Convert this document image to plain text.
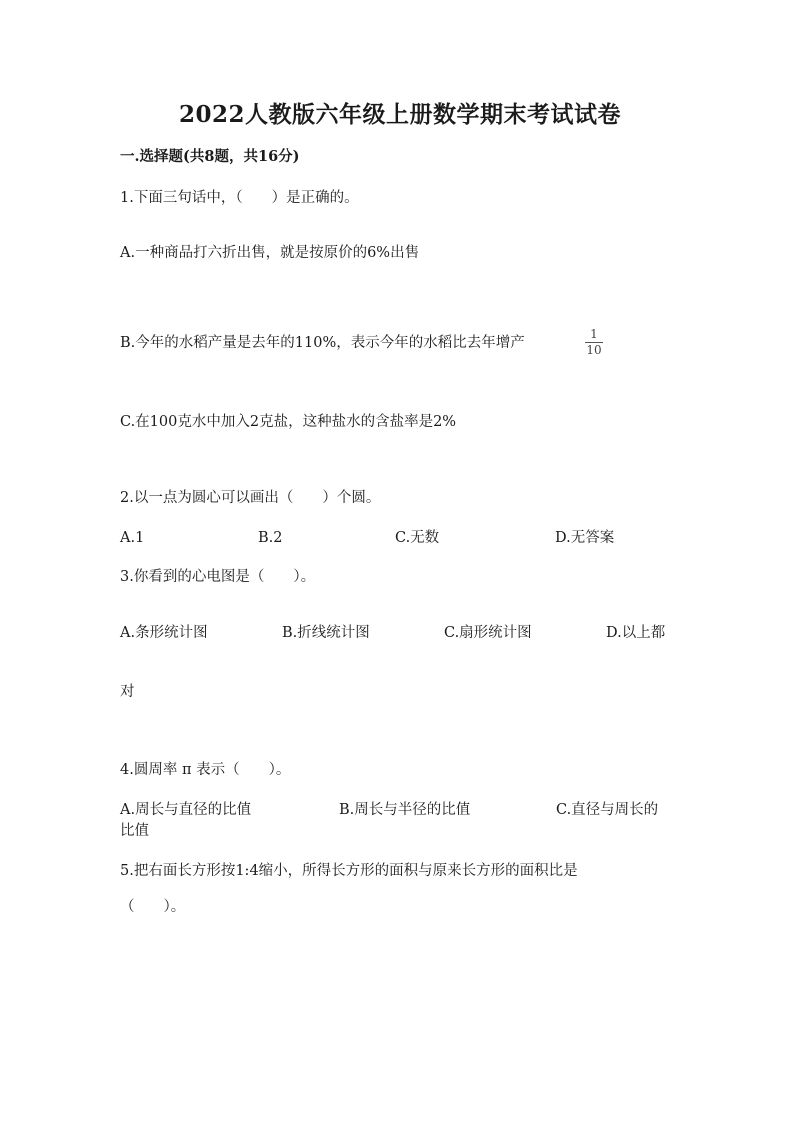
2022人教版六年级上册数学期末考试试卷
一.选择题(共8题，共16分)
1.下面三句话中，（　　）是正确的。
A.一种商品打六折出售，就是按原价的6%出售
B.今年的水稻产量是去年的110%，表示今年的水稻比去年增产
1
10
C.在100克水中加入2克盐，这种盐水的含盐率是2%
2.以一点为圆心可以画出（　　）个圆。
A.1	B.2	C.无数	D.无答案
3.你看到的心电图是（　　）。
A.条形统计图	B.折线统计图	C.扇形统计图	D.以上都
对
4.圆周率 π 表示（　　）。
A.周长与直径的比值	B.周长与半径的比值	C.直径与周长的
比值
5.把右面长方形按1:4缩小，所得长方形的面积与原来长方形的面积比是
（　　）。
